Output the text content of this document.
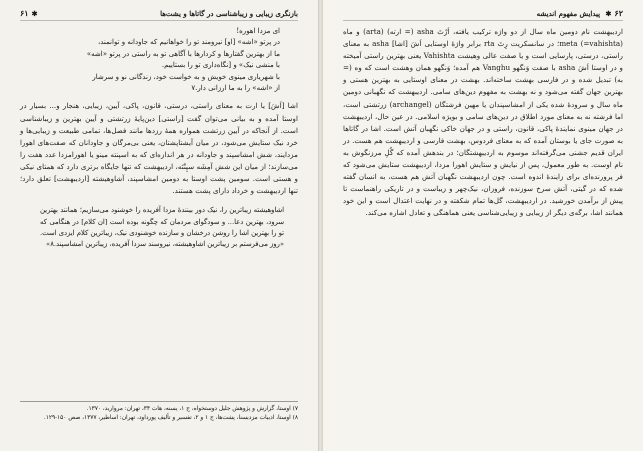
بازنگری زیبایی و زیباشناسی در گاتاها و یشت‌ها
✱۶۱
ای مزدا اهوره!
در پرتو «اشه» [او] نیرومند تو را خواهانیم که جاودانه و توانمند،
ما از بهترین گفتارها و کردارها با آگاهی تو به راستی در پرتو «اشه»
با منشی نیک» و [نگاه‌داری تو را بستاییم.
با شهریاری مینوی خویش و به خواست خود، زندگانی نو و سرشار
از «اشه» را به ما ارزانی دار.۷

اشا [اَشَ] یا ارت به معنای راستی، درستی، قانون، پاکی، آیین، زیبایی، هنجار و... بسیار در اوستا آمده و به بیانی می‌توان گفت [راستی] دین‌پایهٔ زرتشتی و آیین بهترین و زیباشناسی است. از آنجاکه در آیین زرتشت همواره همهٔ رزدها مانند فصل‌ها، تمامی طبیعت و زیبایی‌ها و خرد نیک ستایش می‌شود، در میان آیشتاپشتان، یعنی بی‌مرگان و جاودانان که صفت‌های اهورا مزدایند، شش امشاسپند و جاودانه در هر اندازه‌ای که به اسپنته مینو یا اهورامزدا عدد هفت را می‌سازند؛ از میان این شش آمِشَه سپِنْتَه، اردیبهشت که تنها جایگاه برتری دارد که همتای نیکی و هستی است. سومین پشت اوستا به دومین امشاسپند، آشاوهیشته [اردیبهشت] تعلق دارد؛ تنها اردیبهشت و خرداد دارای پشت هستند.

اشاوهیشته زیباترین را، نیک دور بینندهٔ مزدا آفریده را خوشنود می‌سازیم؛ همانند بهترین سرود، بهترین دعا... و سودگوای مردمان که چگونه بوده است [ان کلام] در هنگامی که تو را بهترین اشا را روشن درخشان و سازنده خوشنودی نیک، زیباترین کلام ایزدی است. «روز می‌فرستم بر زیباترین اشاوهیشته، نیروسند سزدا آفریده، زیباترین امشاسپند.۸»
۷) اوستا، گزارش و پژوهش جلیل دوستخواه، ج ۱، یسنه، هات ۳۴، تهران: مروارید، ۱۳۷۰.
۸) اوستا، ادبیات مزدیسنا، پشت‌ها، ج ۱ و ۲، تفسیر و تألیف پورداود، تهران: اساطیر، ۱۳۷۷، صص ۱۵۰-۱۲۹.
۶۲✱ پیدایش مفهوم اندیشه

اردیبهشت نام دومین ماه سال از دو واژه ترکیب یافته، اَرْتَ asha (= ارته) (arta) و ماه meta (=vahishta)؛ در سانسکریت رِتَ rta برابر واژهٔ اوستایی اَشَ [اشا] asha به معنای راستی، درستی، پارسایی است و یا صفت عالی وهیشت Vahishta یعنی بهترین راستی آمیخته و در اوستا اَشَ asha با صفت وَنگهو Vanghu هم آمده؛ وَنگهو همان وهشت است که وه (= به) تبدیل شده و در فارسی بهشت ساخته‌اند. بهشت در معنای اوستایی به بهترین هستی و بهترین جهان گفته می‌شود و نه بهشت به مفهوم دین‌های سامی. اردیبهشت که نگهبانی دومین ماه سال و سرودهٔ شده یکی از امشاسپندان یا مهین فرشتگان (archangel) زرتشتی است، اما فرشته نه به معنای مورد اطلاق در دین‌های سامی و بویژه اسلامی. در عین حال، اردیبهشت در جهان مینوی نمایندهٔ پاکی، قانون، راستی و در جهان خاکی نگهبان آتش است. اشا در گاتاها به صورت جای یا بوستان آمده که به معنای فردوس، بهشت فارسی و اردیبهشت هم هست. در ایران قدیم جشنی می‌گرفته‌اند موسوم به اردیبهشتگان؛ در بندهش آمده که گُلِ مرزنگوش به نام اوست. به طور معمول، پس از نیایش و ستایش اهورا مزدا، اردیبهشت ستایش می‌شود که فر پرورنده‌ای برای زایندهٔ اندوه است. چون اردیبهشت نگهبان آتش هم هست، به انسان گفته شده که در گیتی، آتش سرخ سوزنده، فروزان، نیک‌چهر و زیباست و در تاریکی راهنماست تا پیش از برآمدن خورشید. در اردیبهشت، گل‌ها تمام شکفته و در نهایت اعتدال است و این خود همانند اشا، برگه‌ی دیگر از زیبایی و زیبایی‌شناسی یعنی هماهنگی و تعادل اشاره می‌کند.
